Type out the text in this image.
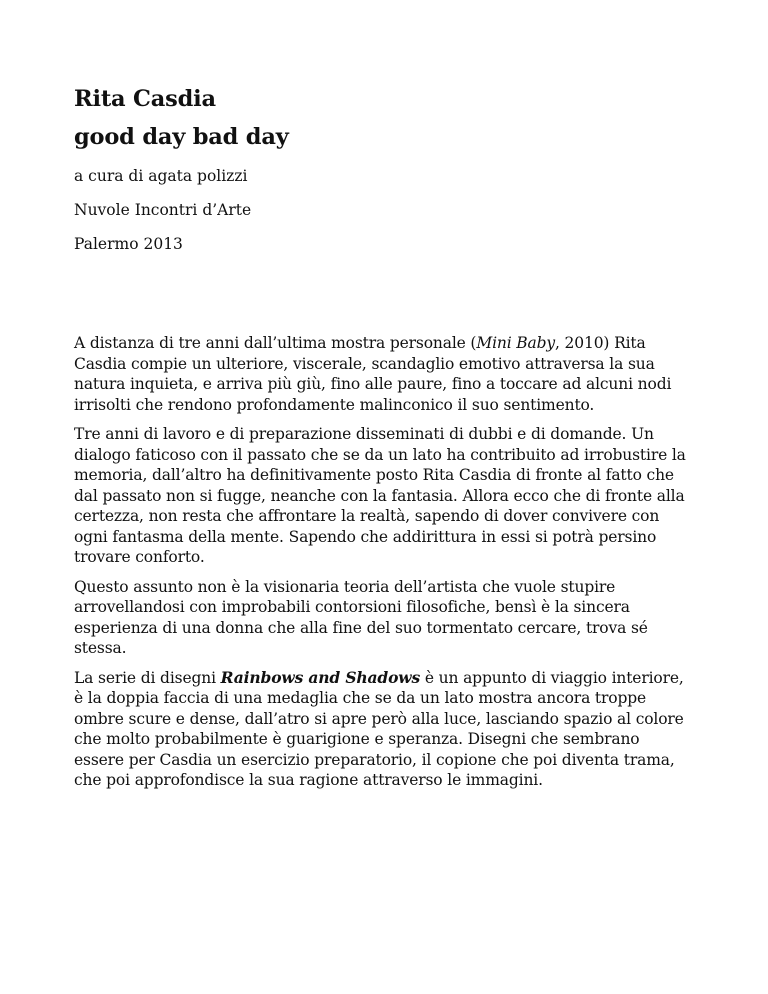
Rita Casdia
good day bad day
a cura di agata polizzi
Nuvole Incontri d’Arte
Palermo 2013

A distanza di tre anni dall’ultima mostra personale (Mini Baby, 2010) Rita Casdia compie un ulteriore, viscerale, scandaglio emotivo attraversa la sua natura inquieta, e arriva più giù, fino alle paure, fino a toccare ad alcuni nodi irrisolti che rendono profondamente malinconico il suo sentimento.

Tre anni di lavoro e di preparazione disseminati di dubbi e di domande. Un dialogo faticoso con il passato che se da un lato ha contribuito ad irrobustire la memoria, dall’altro ha definitivamente posto Rita Casdia di fronte al fatto che dal passato non si fugge, neanche con la fantasia. Allora ecco che di fronte alla certezza, non resta che affrontare la realtà, sapendo di dover convivere con ogni fantasma della mente. Sapendo che addirittura in essi si potrà persino trovare conforto.

Questo assunto non è la visionaria teoria dell’artista che vuole stupire arrovellandosi con improbabili contorsioni filosofiche, bensì è la sincera esperienza di una donna che alla fine del suo tormentato cercare, trova sé stessa.

La serie di disegni Rainbows and Shadows è un appunto di viaggio interiore, è la doppia faccia di una medaglia che se da un lato mostra ancora troppe ombre scure e dense, dall’atro si apre però alla luce, lasciando spazio al colore che molto probabilmente è guarigione e speranza. Disegni che sembrano essere per Casdia un esercizio preparatorio, il copione che poi diventa trama, che poi approfondisce la sua ragione attraverso le immagini.
